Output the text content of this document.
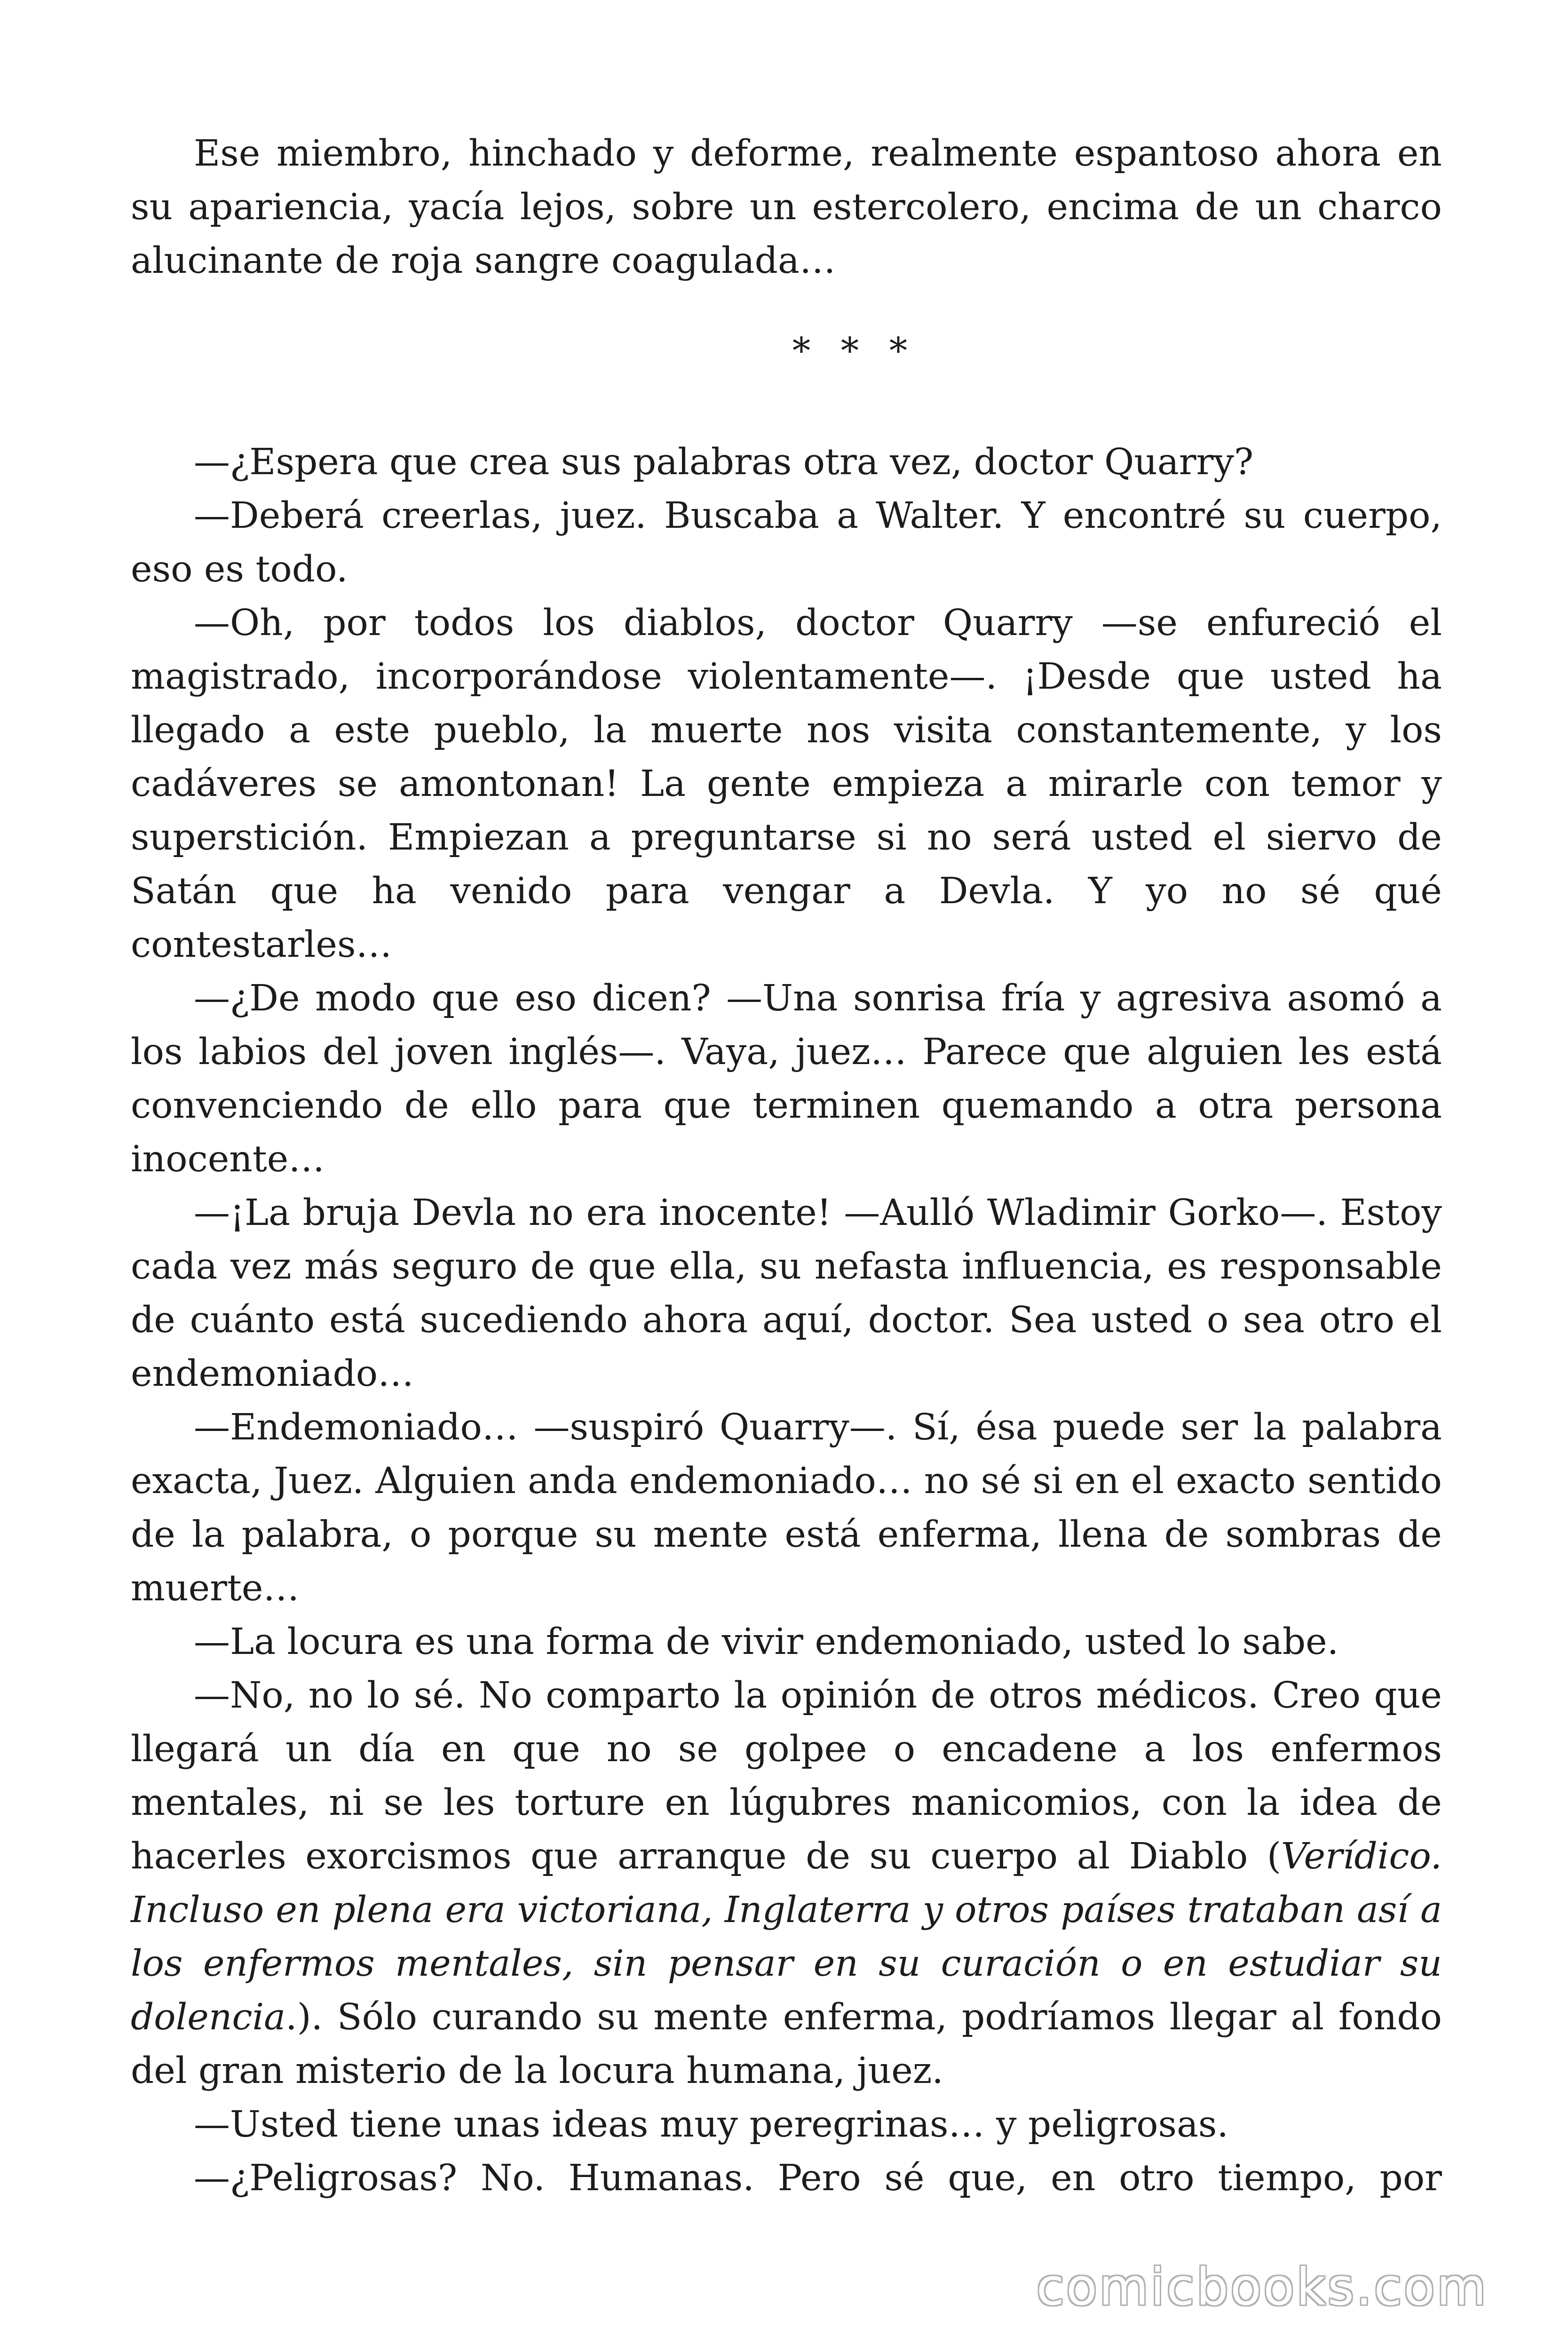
Ese miembro, hinchado y deforme, realmente espantoso ahora en su apariencia, yacía lejos, sobre un estercolero, encima de un charco alucinante de roja sangre coagulada…

* * *

—¿Espera que crea sus palabras otra vez, doctor Quarry?

—Deberá creerlas, juez. Buscaba a Walter. Y encontré su cuerpo, eso es todo.

—Oh, por todos los diablos, doctor Quarry —se enfureció el magistrado, incorporándose violentamente—. ¡Desde que usted ha llegado a este pueblo, la muerte nos visita constantemente, y los cadáveres se amontonan! La gente empieza a mirarle con temor y superstición. Empiezan a preguntarse si no será usted el siervo de Satán que ha venido para vengar a Devla. Y yo no sé qué contestarles…

—¿De modo que eso dicen? —Una sonrisa fría y agresiva asomó a los labios del joven inglés—. Vaya, juez… Parece que alguien les está convenciendo de ello para que terminen quemando a otra persona inocente…

—¡La bruja Devla no era inocente! —Aulló Wladimir Gorko—. Estoy cada vez más seguro de que ella, su nefasta influencia, es responsable de cuánto está sucediendo ahora aquí, doctor. Sea usted o sea otro el endemoniado…

—Endemoniado… —suspiró Quarry—. Sí, ésa puede ser la palabra exacta, Juez. Alguien anda endemoniado… no sé si en el exacto sentido de la palabra, o porque su mente está enferma, llena de sombras de muerte…

—La locura es una forma de vivir endemoniado, usted lo sabe.

—No, no lo sé. No comparto la opinión de otros médicos. Creo que llegará un día en que no se golpee o encadene a los enfermos mentales, ni se les torture en lúgubres manicomios, con la idea de hacerles exorcismos que arranque de su cuerpo al Diablo (Verídico. Incluso en plena era victoriana, Inglaterra y otros países trataban así a los enfermos mentales, sin pensar en su curación o en estudiar su dolencia.). Sólo curando su mente enferma, podríamos llegar al fondo del gran misterio de la locura humana, juez.

—Usted tiene unas ideas muy peregrinas… y peligrosas.

—¿Peligrosas? No. Humanas. Pero sé que, en otro tiempo, por

comicbooks.com
